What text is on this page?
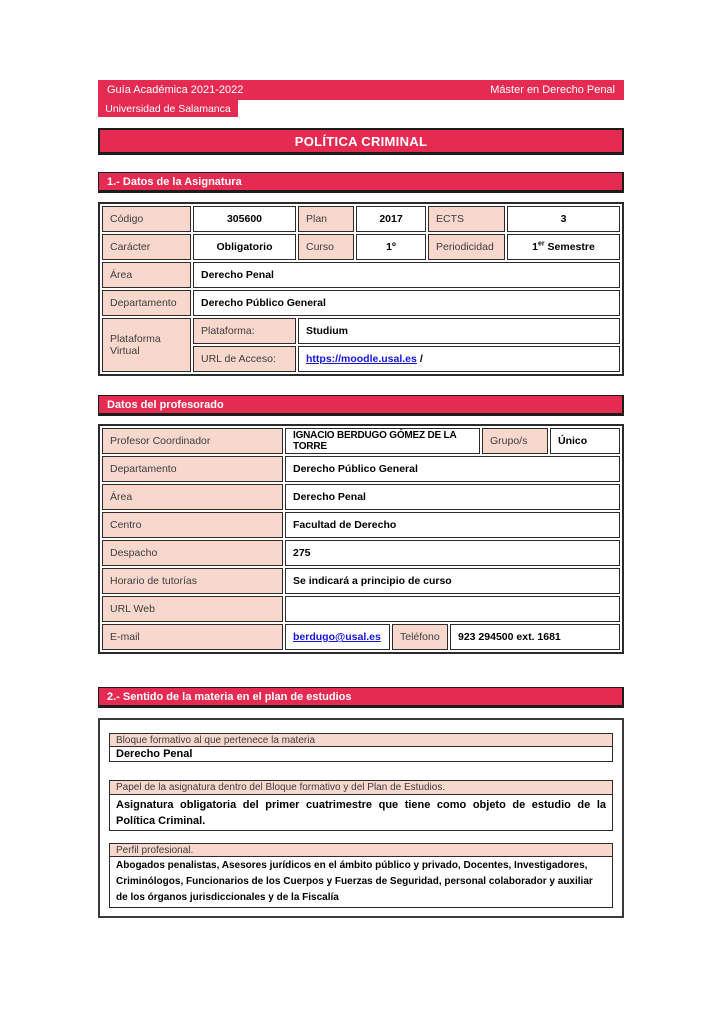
Guía Académica 2021-2022	Máster en Derecho Penal
Universidad de Salamanca
POLÍTICA CRIMINAL
1.- Datos de la Asignatura
Código	305600	Plan	2017	ECTS	3
Carácter	Obligatorio	Curso	1º	Periodicidad	1er Semestre
Área	Derecho Penal
Departamento	Derecho Público General
Plataforma Virtual
Plataforma:	Studium
URL de Acceso:	https://moodle.usal.es /
Datos del profesorado
Profesor Coordinador	IGNACIO BERDUGO GÓMEZ DE LA TORRE	Grupo/s	Único
Departamento	Derecho Público General
Área	Derecho Penal
Centro	Facultad de Derecho
Despacho	275
Horario de tutorías	Se indicará a principio de curso
URL Web
E-mail	berdugo@usal.es	Teléfono	923 294500 ext. 1681
2.- Sentido de la materia en el plan de estudios
Bloque formativo al que pertenece la materia
Derecho Penal
Papel de la asignatura dentro del Bloque formativo y del Plan de Estudios.
Asignatura obligatoria del primer cuatrimestre que tiene como objeto de estudio de la Política Criminal.
Perfil profesional.
Abogados penalistas, Asesores jurídicos en el ámbito público y privado, Docentes, Investigadores, Criminólogos, Funcionarios de los Cuerpos y Fuerzas de Seguridad, personal colaborador y auxiliar de los órganos jurisdiccionales y de la Fiscalía
